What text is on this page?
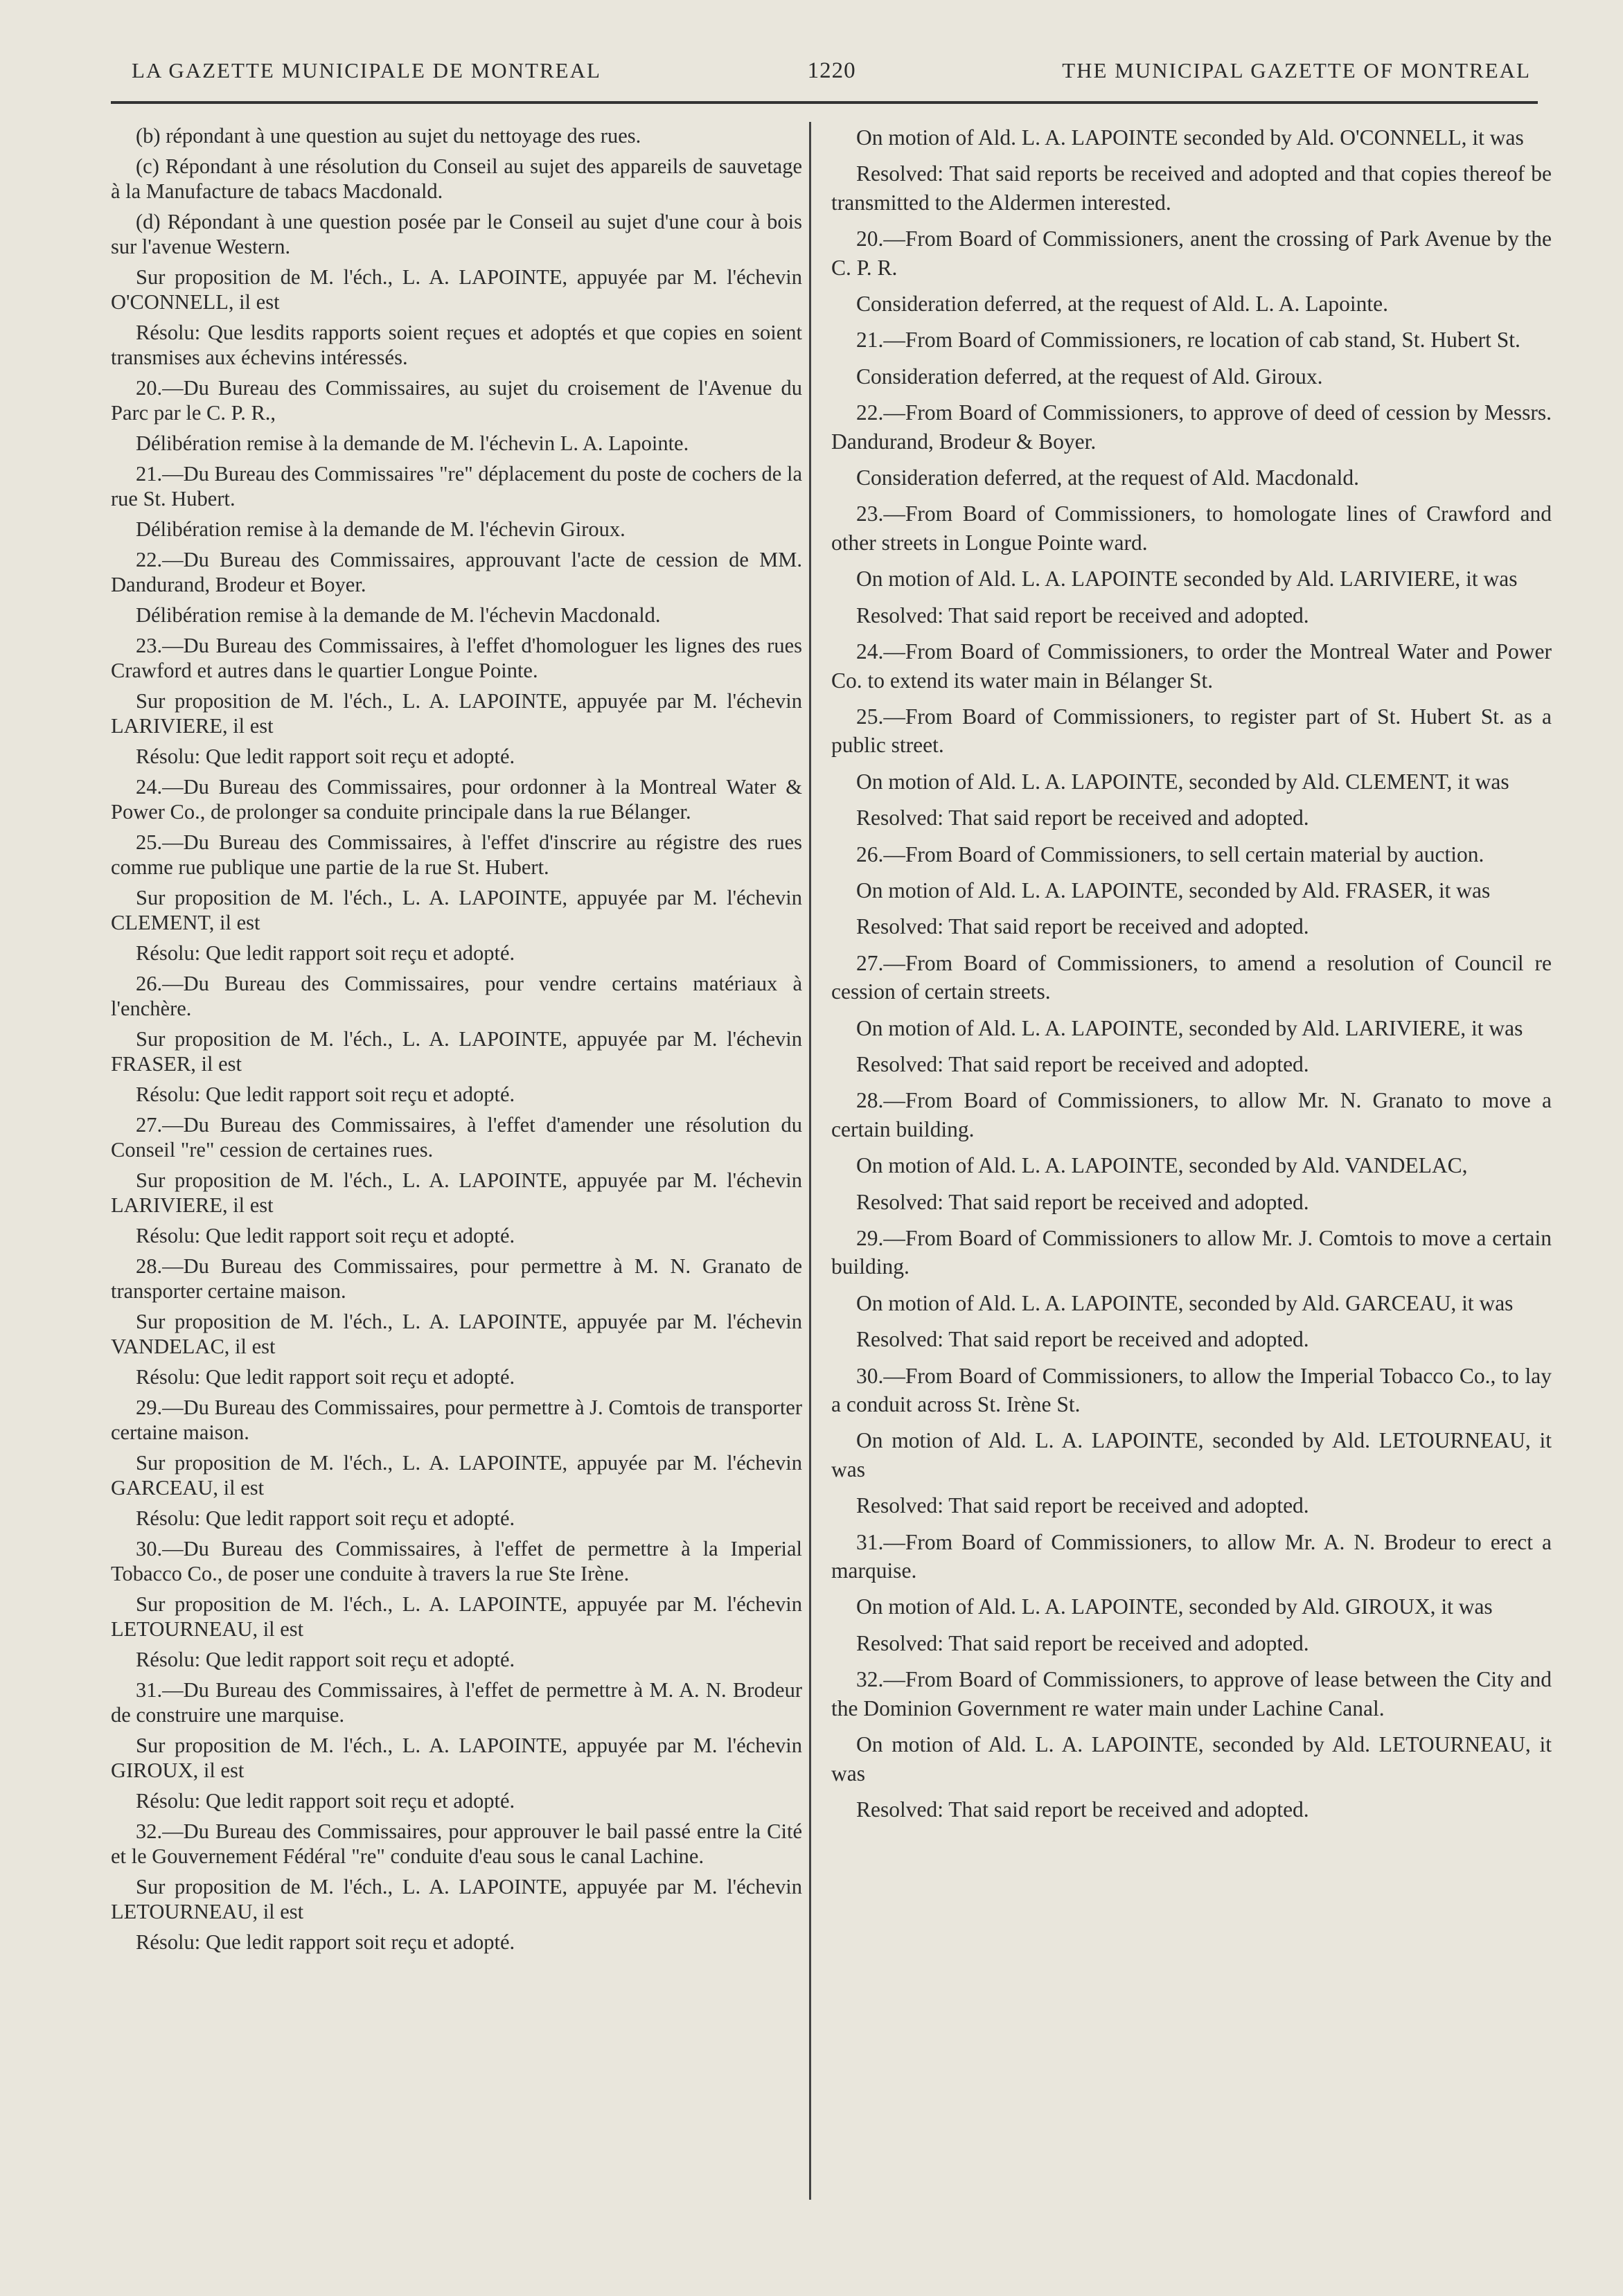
LA GAZETTE MUNICIPALE DE MONTREAL	1220	THE MUNICIPAL GAZETTE OF MONTREAL

(b) répondant à une question au sujet du nettoyage des rues.

(c) Répondant à une résolution du Conseil au sujet des appareils de sauvetage à la Manufacture de tabacs Macdonald.

(d) Répondant à une question posée par le Conseil au sujet d'une cour à bois sur l'avenue Western.

Sur proposition de M. l'éch., L. A. LAPOINTE, appuyée par M. l'échevin O'CONNELL, il est

Résolu: Que lesdits rapports soient reçues et adoptés et que copies en soient transmises aux échevins intéressés.

20.—Du Bureau des Commissaires, au sujet du croisement de l'Avenue du Parc par le C. P. R.,

Délibération remise à la demande de M. l'échevin L. A. Lapointe.

21.—Du Bureau des Commissaires "re" déplacement du poste de cochers de la rue St. Hubert.

Délibération remise à la demande de M. l'échevin Giroux.

22.—Du Bureau des Commissaires, approuvant l'acte de cession de MM. Dandurand, Brodeur et Boyer.

Délibération remise à la demande de M. l'échevin Macdonald.

23.—Du Bureau des Commissaires, à l'effet d'homologuer les lignes des rues Crawford et autres dans le quartier Longue Pointe.

Sur proposition de M. l'éch., L. A. LAPOINTE, appuyée par M. l'échevin LARIVIERE, il est

Résolu: Que ledit rapport soit reçu et adopté.

24.—Du Bureau des Commissaires, pour ordonner à la Montreal Water & Power Co., de prolonger sa conduite principale dans la rue Bélanger.

25.—Du Bureau des Commissaires, à l'effet d'inscrire au régistre des rues comme rue publique une partie de la rue St. Hubert.

Sur proposition de M. l'éch., L. A. LAPOINTE, appuyée par M. l'échevin CLEMENT, il est

Résolu: Que ledit rapport soit reçu et adopté.

26.—Du Bureau des Commissaires, pour vendre certains matériaux à l'enchère.

Sur proposition de M. l'éch., L. A. LAPOINTE, appuyée par M. l'échevin FRASER, il est

Résolu: Que ledit rapport soit reçu et adopté.

27.—Du Bureau des Commissaires, à l'effet d'amender une résolution du Conseil "re" cession de certaines rues.

Sur proposition de M. l'éch., L. A. LAPOINTE, appuyée par M. l'échevin LARIVIERE, il est

Résolu: Que ledit rapport soit reçu et adopté.

28.—Du Bureau des Commissaires, pour permettre à M. N. Granato de transporter certaine maison.

Sur proposition de M. l'éch., L. A. LAPOINTE, appuyée par M. l'échevin VANDELAC, il est

Résolu: Que ledit rapport soit reçu et adopté.

29.—Du Bureau des Commissaires, pour permettre à J. Comtois de transporter certaine maison.

Sur proposition de M. l'éch., L. A. LAPOINTE, appuyée par M. l'échevin GARCEAU, il est

Résolu: Que ledit rapport soit reçu et adopté.

30.—Du Bureau des Commissaires, à l'effet de permettre à la Imperial Tobacco Co., de poser une conduite à travers la rue Ste Irène.

Sur proposition de M. l'éch., L. A. LAPOINTE, appuyée par M. l'échevin LETOURNEAU, il est

Résolu: Que ledit rapport soit reçu et adopté.

31.—Du Bureau des Commissaires, à l'effet de permettre à M. A. N. Brodeur de construire une marquise.

Sur proposition de M. l'éch., L. A. LAPOINTE, appuyée par M. l'échevin GIROUX, il est

Résolu: Que ledit rapport soit reçu et adopté.

32.—Du Bureau des Commissaires, pour approuver le bail passé entre la Cité et le Gouvernement Fédéral "re" conduite d'eau sous le canal Lachine.

Sur proposition de M. l'éch., L. A. LAPOINTE, appuyée par M. l'échevin LETOURNEAU, il est

Résolu: Que ledit rapport soit reçu et adopté.

On motion of Ald. L. A. LAPOINTE seconded by Ald. O'CONNELL, it was

Resolved: That said reports be received and adopted and that copies thereof be transmitted to the Aldermen interested.

20.—From Board of Commissioners, anent the crossing of Park Avenue by the C. P. R.

Consideration deferred, at the request of Ald. L. A. Lapointe.

21.—From Board of Commissioners, re location of cab stand, St. Hubert St.

Consideration deferred, at the request of Ald. Giroux.

22.—From Board of Commissioners, to approve of deed of cession by Messrs. Dandurand, Brodeur & Boyer.

Consideration deferred, at the request of Ald. Macdonald.

23.—From Board of Commissioners, to homologate lines of Crawford and other streets in Longue Pointe ward.

On motion of Ald. L. A. LAPOINTE seconded by Ald. LARIVIERE, it was

Resolved: That said report be received and adopted.

24.—From Board of Commissioners, to order the Montreal Water and Power Co. to extend its water main in Bélanger St.

25.—From Board of Commissioners, to register part of St. Hubert St. as a public street.

On motion of Ald. L. A. LAPOINTE, seconded by Ald. CLEMENT, it was

Resolved: That said report be received and adopted.

26.—From Board of Commissioners, to sell certain material by auction.

On motion of Ald. L. A. LAPOINTE, seconded by Ald. FRASER, it was

Resolved: That said report be received and adopted.

27.—From Board of Commissioners, to amend a resolution of Council re cession of certain streets.

On motion of Ald. L. A. LAPOINTE, seconded by Ald. LARIVIERE, it was

Resolved: That said report be received and adopted.

28.—From Board of Commissioners, to allow Mr. N. Granato to move a certain building.

On motion of Ald. L. A. LAPOINTE, seconded by Ald. VANDELAC,

Resolved: That said report be received and adopted.

29.—From Board of Commissioners to allow Mr. J. Comtois to move a certain building.

On motion of Ald. L. A. LAPOINTE, seconded by Ald. GARCEAU, it was

Resolved: That said report be received and adopted.

30.—From Board of Commissioners, to allow the Imperial Tobacco Co., to lay a conduit across St. Irène St.

On motion of Ald. L. A. LAPOINTE, seconded by Ald. LETOURNEAU, it was

Resolved: That said report be received and adopted.

31.—From Board of Commissioners, to allow Mr. A. N. Brodeur to erect a marquise.

On motion of Ald. L. A. LAPOINTE, seconded by Ald. GIROUX, it was

Resolved: That said report be received and adopted.

32.—From Board of Commissioners, to approve of lease between the City and the Dominion Government re water main under Lachine Canal.

On motion of Ald. L. A. LAPOINTE, seconded by Ald. LETOURNEAU, it was

Resolved: That said report be received and adopted.
